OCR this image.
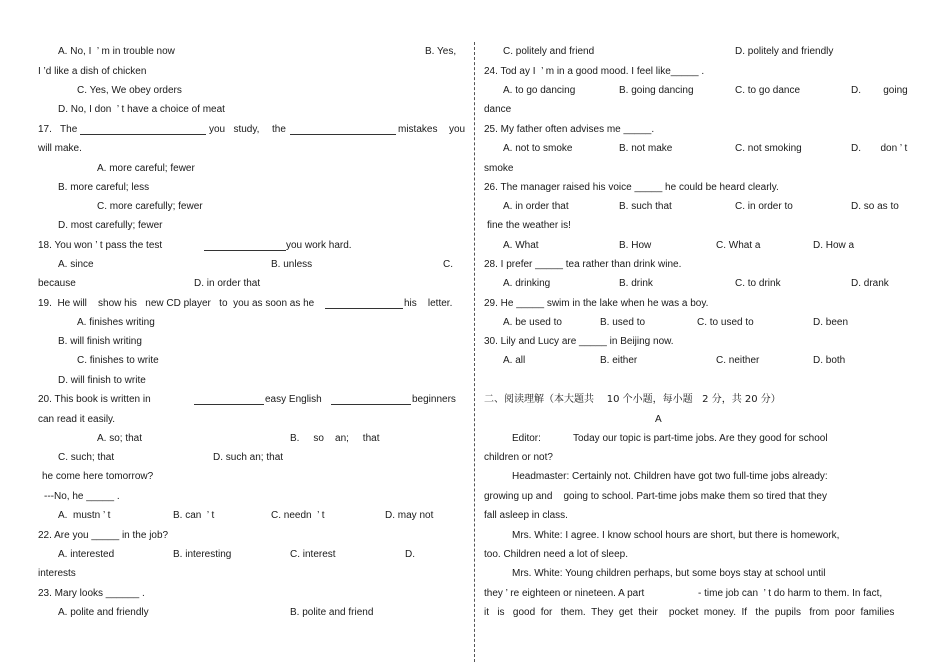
A. No, I  ’ m in trouble now	B. Yes,
I ’d like a dish of chicken
C. Yes, We obey orders
D. No, I don  ’ t have a choice of meat
17.   The	you   study, the	mistakes you
will make.
A. more careful; fewer
B. more careful; less
C. more carefully; fewer
D. most carefully; fewer
18. You won ’ t pass the test	you work hard.
A. since	B. unless	C.
because	D. in order that
19.  He will    show his   new CD player   to  you as soon as he	his    letter.
A. finishes writing
B. will finish writing
C. finishes to write
D. will finish to write
20. This book is written in	easy English	beginners
can read it easily.
A. so; that	B.     so    an;     that
C. such; that	D. such an; that
he come here tomorrow?
---No, he _____ .
A.  mustn ’ t	B. can  ’ t	C. needn  ’ t	D. may not
22. Are you _____ in the job?
A. interested	B. interesting	C. interest	D.
interests
23. Mary looks ______ .
A. polite and friendly	B. polite and friend
C. politely and friend	D. politely and friendly
24. Tod ay I  ’ m in a good mood. I feel like_____ .
A. to go dancing	B. going dancing	C. to go dance	D.        going
dance
25. My father often advises me _____.
A. not to smoke	B. not make	C. not smoking	D.       don ’ t
smoke
26. The manager raised his voice _____ he could be heard clearly.
A. in order that	B. such that	C. in order to	D. so as to
fine the weather is!
A. What	B. How	C. What a	D. How a
28. I prefer _____ tea rather than drink wine.
A. drinking	B. drink	C. to drink	D. drank
29. He _____ swim in the lake when he was a boy.
A. be used to	B. used to	C. to used to	D. been
30. Lily and Lucy are _____ in Beijing now.
A. all	B. either	C. neither	D. both
二、阅读理解（本大题共    10 个小题，每小题   2 分，共 20 分）
A
Editor:	Today our topic is part-time jobs. Are they good for school
children or not?
Headmaster: Certainly not. Children have got two full-time jobs already:
growing up and    going to school. Part-time jobs make them so tired that they
fall asleep in class.
Mrs. White: I agree. I know school hours are short, but there is homework,
too. Children need a lot of sleep.
Mrs. White: Young children perhaps, but some boys stay at school until
they ’ re eighteen or nineteen. A part	- time job can  ’ t do harm to them. In fact,
it   is   good  for   them.  They  get  their    pocket  money.  If   the  pupils   from  poor  families
